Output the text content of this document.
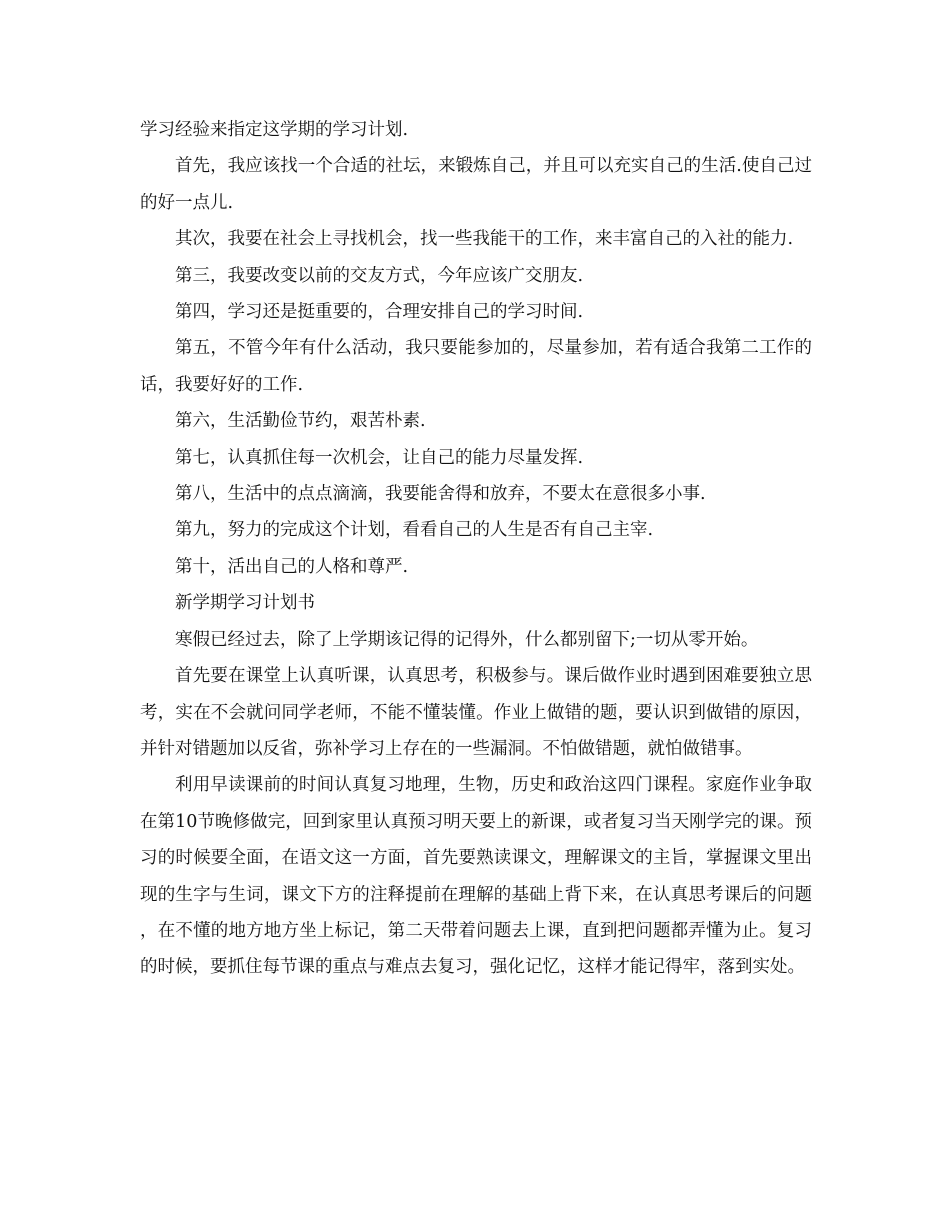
学习经验来指定这学期的学习计划.

首先，我应该找一个合适的社坛，来锻炼自己，并且可以充实自己的生活.使自己过的好一点儿.

其次，我要在社会上寻找机会，找一些我能干的工作，来丰富自己的入社的能力.

第三，我要改变以前的交友方式，今年应该广交朋友.

第四，学习还是挺重要的，合理安排自己的学习时间.

第五，不管今年有什么活动，我只要能参加的，尽量参加，若有适合我第二工作的话，我要好好的工作.

第六，生活勤俭节约，艰苦朴素.

第七，认真抓住每一次机会，让自己的能力尽量发挥.

第八，生活中的点点滴滴，我要能舍得和放弃，不要太在意很多小事.

第九，努力的完成这个计划，看看自己的人生是否有自己主宰.

第十，活出自己的人格和尊严.

新学期学习计划书

寒假已经过去，除了上学期该记得的记得外，什么都别留下;一切从零开始。

首先要在课堂上认真听课，认真思考，积极参与。课后做作业时遇到困难要独立思考，实在不会就问同学老师，不能不懂装懂。作业上做错的题，要认识到做错的原因，并针对错题加以反省，弥补学习上存在的一些漏洞。不怕做错题，就怕做错事。

利用早读课前的时间认真复习地理，生物，历史和政治这四门课程。家庭作业争取在第10节晚修做完，回到家里认真预习明天要上的新课，或者复习当天刚学完的课。预习的时候要全面，在语文这一方面，首先要熟读课文，理解课文的主旨，掌握课文里出现的生字与生词，课文下方的注释提前在理解的基础上背下来，在认真思考课后的问题，在不懂的地方地方坐上标记，第二天带着问题去上课，直到把问题都弄懂为止。复习的时候，要抓住每节课的重点与难点去复习，强化记忆，这样才能记得牢，落到实处。
